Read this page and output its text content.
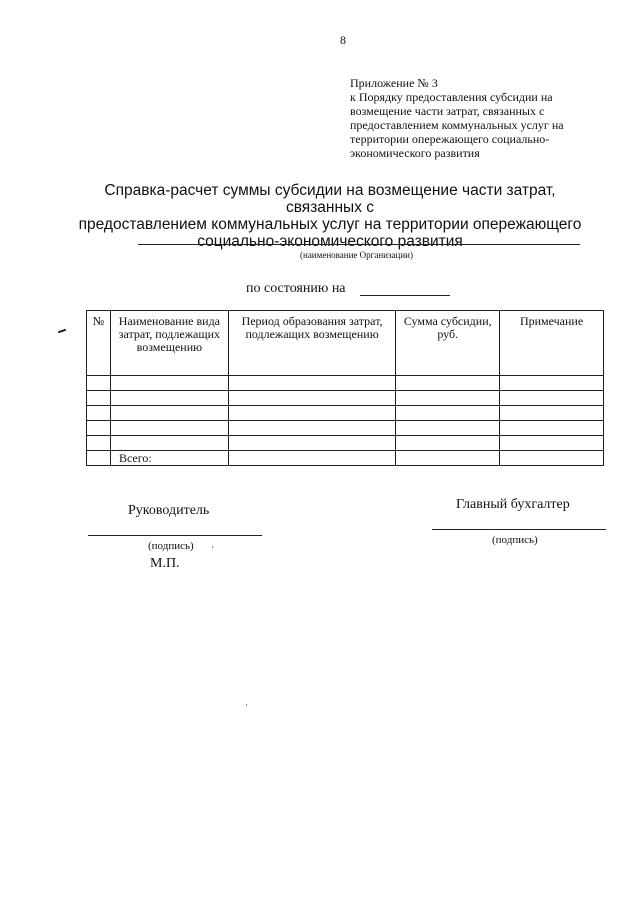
8
Приложение № 3
к Порядку предоставления субсидии на
возмещение части затрат, связанных с
предоставлением коммунальных услуг на
территории опережающего социально-
экономического развития
Справка-расчет суммы субсидии на возмещение части затрат, связанных с
предоставлением коммунальных услуг на территории опережающего
социально-экономического развития
(наименование Организации)
по состоянию на
№	Наименование вида затрат, подлежащих возмещению	Период образования затрат, подлежащих возмещению	Сумма субсидии, руб.	Примечание

	Всего:			
Руководитель
(подпись)
М.П.
Главный бухгалтер
(подпись)
